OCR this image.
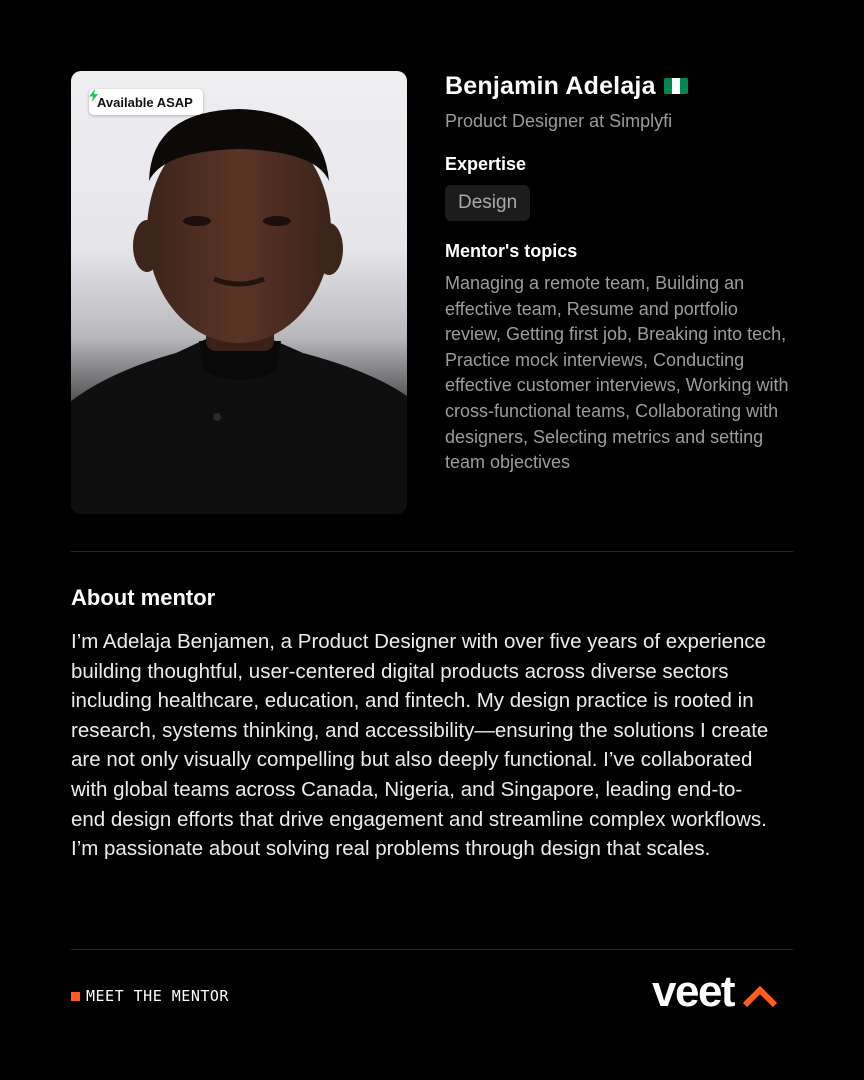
Available ASAP
Benjamin Adelaja
Product Designer at Simplyfi
Expertise
Design
Mentor's topics
Managing a remote team, Building an effective team, Resume and portfolio review, Getting first job, Breaking into tech, Practice mock interviews, Conducting effective customer interviews, Working with cross-functional teams, Collaborating with designers, Selecting metrics and setting team objectives
About mentor
I’m Adelaja Benjamen, a Product Designer with over five years of experience building thoughtful, user-centered digital products across diverse sectors including healthcare, education, and fintech. My design practice is rooted in research, systems thinking, and accessibility—ensuring the solutions I create are not only visually compelling but also deeply functional. I’ve collaborated with global teams across Canada, Nigeria, and Singapore, leading end-to-end design efforts that drive engagement and streamline complex workflows. I’m passionate about solving real problems through design that scales.
MEET THE MENTOR	veet
